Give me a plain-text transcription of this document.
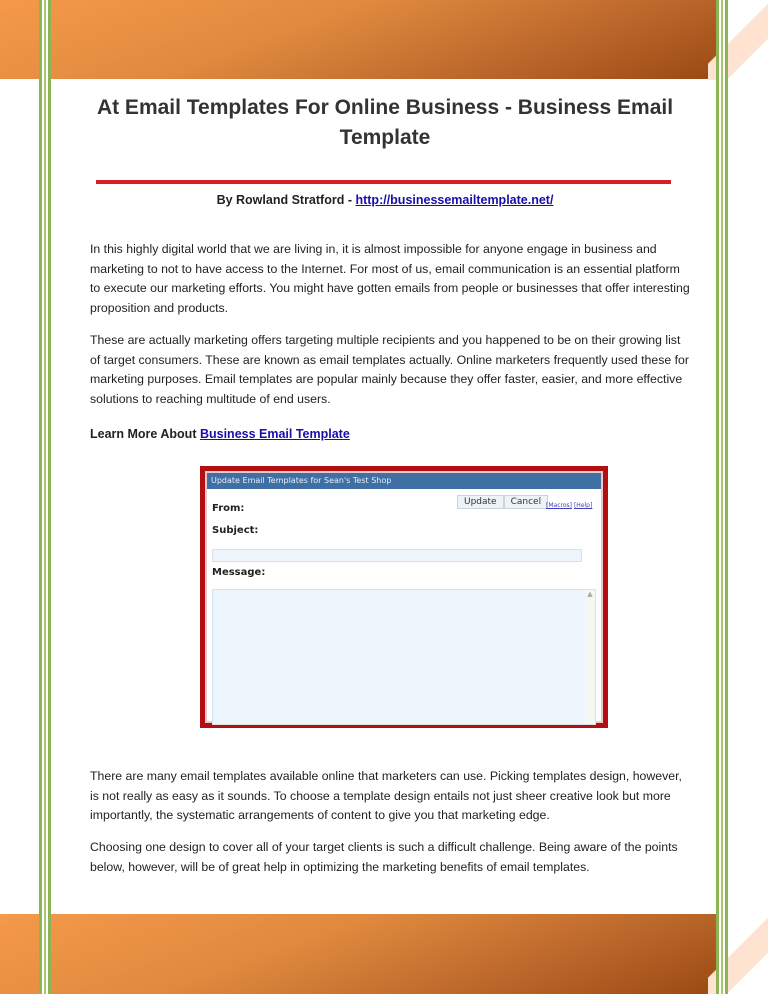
At Email Templates For Online Business - Business Email Template
By Rowland Stratford - http://businessemailtemplate.net/

In this highly digital world that we are living in, it is almost impossible for anyone engage in business and marketing to not to have access to the Internet. For most of us, email communication is an essential platform to execute our marketing efforts. You might have gotten emails from people or businesses that offer interesting proposition and products.

These are actually marketing offers targeting multiple recipients and you happened to be on their growing list of target consumers. These are known as email templates actually. Online marketers frequently used these for marketing purposes. Email templates are popular mainly because they offer faster, easier, and more effective solutions to reaching multitude of end users.

Learn More About Business Email Template
Update Email Templates for Sean's Test Shop
From:
Update	Cancel [Macros] [Help]
Subject:
Message:
▲

There are many email templates available online that marketers can use. Picking templates design, however, is not really as easy as it sounds. To choose a template design entails not just sheer creative look but more importantly, the systematic arrangements of content to give you that marketing edge.

Choosing one design to cover all of your target clients is such a difficult challenge. Being aware of the points below, however, will be of great help in optimizing the marketing benefits of email templates.
